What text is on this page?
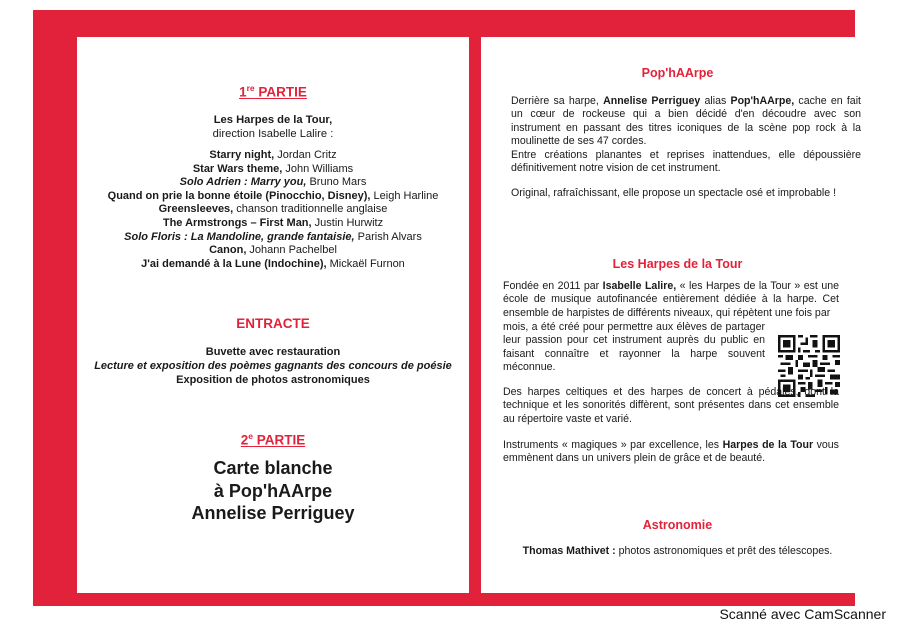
1re PARTIE
Les Harpes de la Tour,
direction Isabelle Lalire :
Starry night, Jordan Critz
Star Wars theme, John Williams
Solo Adrien : Marry you, Bruno Mars
Quand on prie la bonne étoile (Pinocchio, Disney), Leigh Harline
Greensleeves, chanson traditionnelle anglaise
The Armstrongs – First Man, Justin Hurwitz
Solo Floris : La Mandoline, grande fantaisie, Parish Alvars
Canon, Johann Pachelbel
J'ai demandé à la Lune (Indochine), Mickaël Furnon
ENTRACTE
Buvette avec restauration
Lecture et exposition des poèmes gagnants des concours de poésie
Exposition de photos astronomiques
2e PARTIE
Carte blanche
à Pop'hAArpe
Annelise Perriguey
Pop'hAArpe
Derrière sa harpe, Annelise Perriguey alias Pop'hAArpe, cache en fait un cœur de rockeuse qui a bien décidé d'en découdre avec son instrument en passant des titres iconiques de la scène pop rock à la moulinette de ses 47 cordes.
Entre créations planantes et reprises inattendues, elle dépoussière définitivement notre vision de cet instrument.
Original, rafraîchissant, elle propose un spectacle osé et improbable !
Les Harpes de la Tour
Fondée en 2011 par Isabelle Lalire, « les Harpes de la Tour » est une école de musique autofinancée entièrement dédiée à la harpe. Cet ensemble de harpistes de différents niveaux, qui répètent une fois par
mois, a été créé pour permettre aux élèves de partager leur passion pour cet instrument auprès du public en faisant connaître et rayonner la harpe souvent méconnue.
Des harpes celtiques et des harpes de concert à pédales, dont la technique et les sonorités diffèrent, sont présentes dans cet ensemble au répertoire vaste et varié.
Instruments « magiques » par excellence, les Harpes de la Tour vous emmènent dans un univers plein de grâce et de beauté.
Astronomie
Thomas Mathivet : photos astronomiques et prêt des télescopes.
Scanné avec CamScanner
